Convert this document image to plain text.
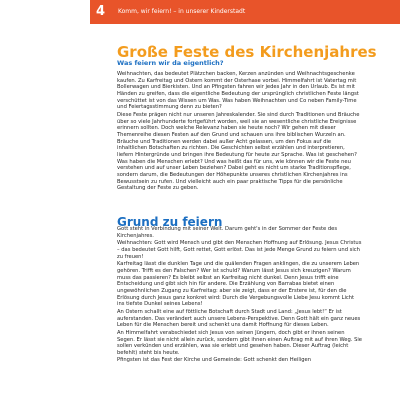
4	Komm, wir feiern! – in unserer Kinderstadt
Große Feste des Kirchenjahres
Was feiern wir da eigentlich?

Weihnachten, das bedeutet Plätzchen backen, Kerzen anzünden und Weihnachtsgeschenke kaufen. Zu Karfreitag und Ostern kommt der Osterhase vorbei. Himmelfahrt ist Vatertag mit Bollerwagen und Bierkisten. Und an Pfingsten fahren wir jedes Jahr in den Urlaub. Es ist mit Händen zu greifen, dass die eigentliche Bedeutung der ursprünglich christlichen Feste längst verschüttet ist von das Wissen um Was. Was haben Weihnachten und Co neben Family-Time und Feiertagsstimmung denn zu bieten?

Diese Feste prägen nicht nur unseren Jahreskalender. Sie sind durch Traditionen und Bräuche über so viele Jahrhunderte fortgeführt worden, weil sie an wesentliche christliche Ereignisse erinnern sollten. Doch welche Relevanz haben sie heute noch? Wir gehen mit dieser Themenreihe diesen Festen auf den Grund und schauen uns ihre biblischen Wurzeln an. Bräuche und Traditionen werden dabei außer Acht gelassen, um den Fokus auf die inhaltlichen Botschaften zu richten. Die Geschichten selbst erzählen und interpretieren, liefern Hintergründe und bringen ihre Bedeutung für heute zur Sprache. Was ist geschehen? Was haben die Menschen erlebt? Und was heißt das für uns, wie können wir die Feste neu verstehen und auf unser Leben beziehen? Dabei geht es nicht um starke Traditionspflege, sondern darum, die Bedeutungen der Höhepunkte unseres christlichen Kirchenjahres ins Bewusstsein zu rufen. Und vielleicht auch ein paar praktische Tipps für die persönliche Gestaltung der Feste zu geben.

Grund zu feiern

Gott steht in Verbindung mit seiner Welt. Darum geht's in der Sommer der Feste des Kirchenjahres.

Weihnachten: Gott wird Mensch und gibt den Menschen Hoffnung auf Erlösung. Jesus Christus – das bedeutet Gott hilft, Gott rettet, Gott erlöst. Das ist jede Menge Grund zu feiern und sich zu freuen!

Karfreitag lässt die dunklen Tage und die quälenden Fragen anklingen, die zu unserem Leben gehören. Trifft es den Falschen? Wer ist schuld? Warum lässt Jesus sich kreuzigen? Warum muss das passieren? Es bleibt selbst an Karfreitag nicht dunkel. Denn Jesus trifft eine Entscheidung und gibt sich hin für andere. Die Erzählung von Barrabas bietet einen ungewöhnlichen Zugang zu Karfreitag: aber sie zeigt, dass er der Erstere ist, für den die Erlösung durch Jesus ganz konkret wird: Durch die Vergebungsvolle Liebe Jesu kommt Licht ins tiefste Dunkel seines Lebens!

An Ostern schallt eine auf föttliche Botschaft durch Stadt und Land: „Jesus lebt!“ Er ist auferstanden. Das verändert auch unsere Lebens-Perspektive. Denn Gott hält ein ganz neues Leben für die Menschen bereit und schenkt uns damit Hoffnung für dieses Leben.

An Himmelfahrt verabschiedet sich Jesus von seinen Jüngern, doch gibt er ihnen seinen Segen. Er lässt sie nicht allein zurück, sondern gibt ihnen einen Auftrag mit auf ihren Weg. Sie sollen verkünden und erzählen, was sie erlebt und gesehen haben. Dieser Auftrag (leicht befehlt) steht bis heute.

Pfingsten ist das Fest der Kirche und Gemeinde: Gott schenkt den Heiligen
